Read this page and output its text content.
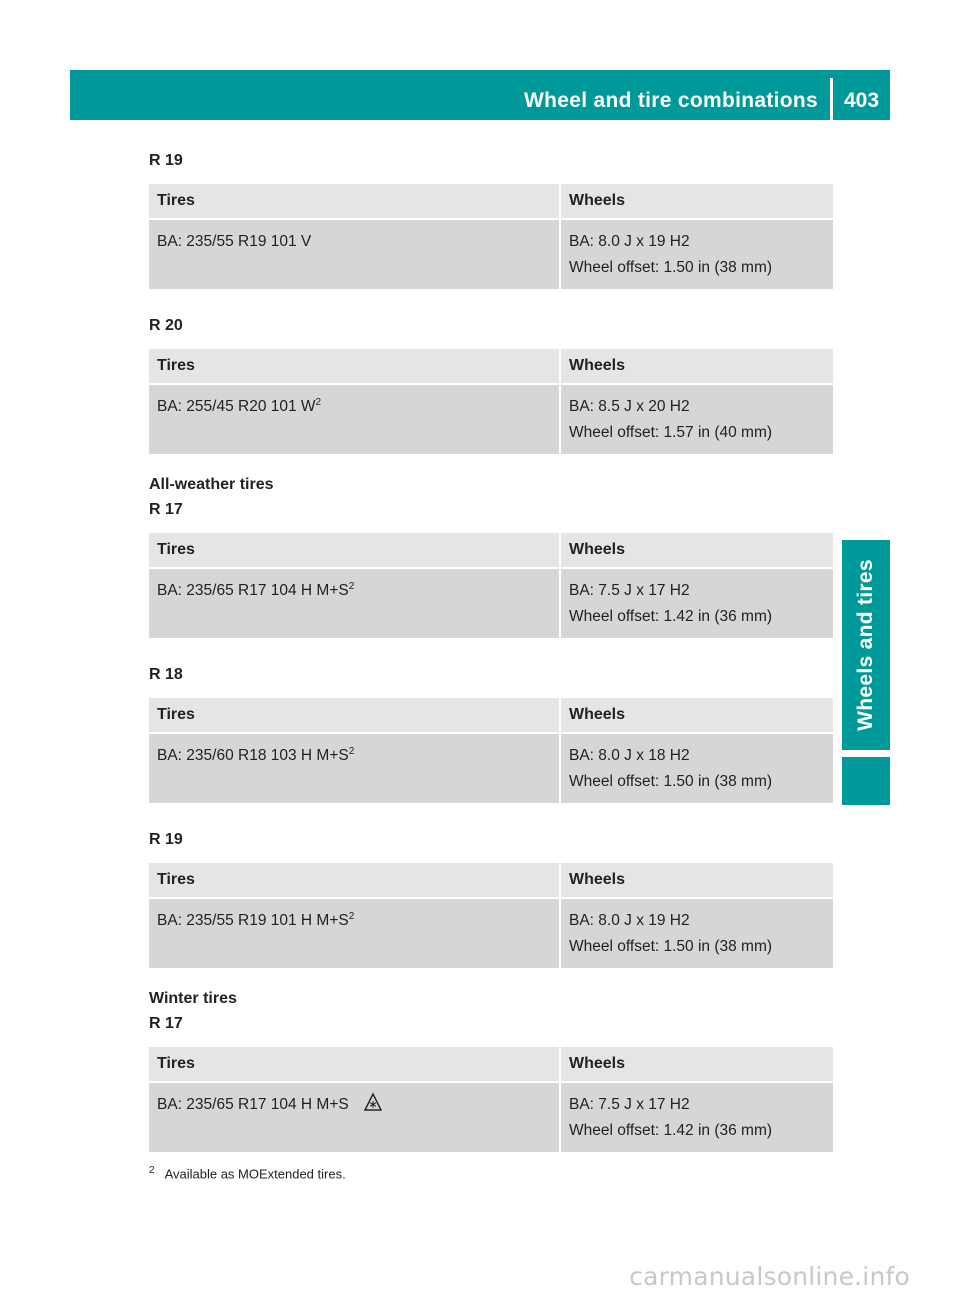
Wheel and tire combinations	403
Wheels and tires
R 19
Tires	Wheels
BA: 235/55 R19 101 V	BA: 8.0 J x 19 H2
Wheel offset: 1.50 in (38 mm)
R 20
Tires	Wheels
BA: 255/45 R20 101 W$^2$	BA: 8.5 J x 20 H2
Wheel offset: 1.57 in (40 mm)
All-weather tires
R 17
Tires	Wheels
BA: 235/65 R17 104 H M+S$^2$	BA: 7.5 J x 17 H2
Wheel offset: 1.42 in (36 mm)
R 18
Tires	Wheels
BA: 235/60 R18 103 H M+S$^2$	BA: 8.0 J x 18 H2
Wheel offset: 1.50 in (38 mm)
R 19
Tires	Wheels
BA: 235/55 R19 101 H M+S$^2$	BA: 8.0 J x 19 H2
Wheel offset: 1.50 in (38 mm)
Winter tires
R 17
Tires	Wheels
BA: 235/65 R17 104 H M+S	BA: 7.5 J x 17 H2
Wheel offset: 1.42 in (36 mm)
$^2$ Available as MOExtended tires.
carmanualsonline.info
